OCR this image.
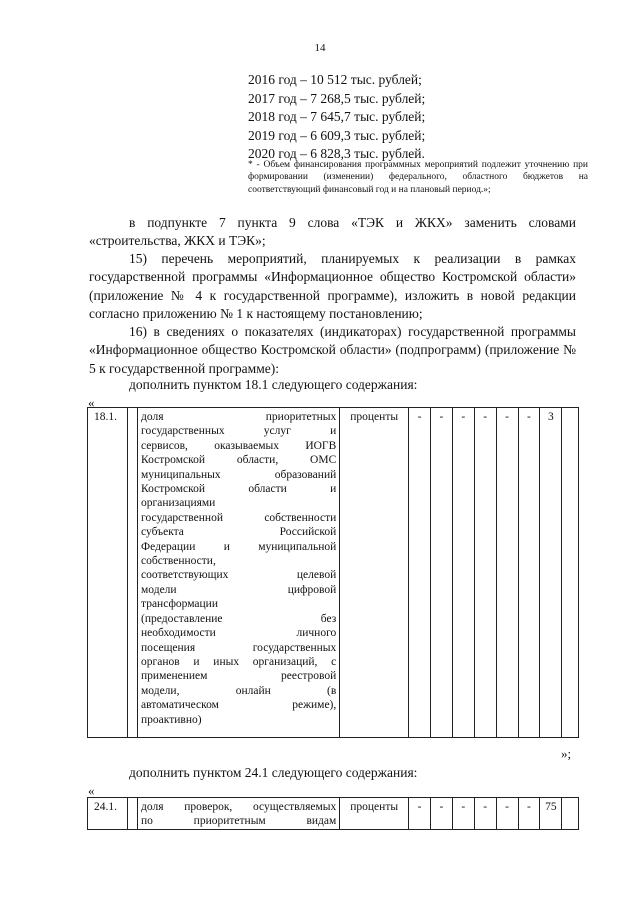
14
2016 год – 10 512 тыс. рублей;
2017 год – 7 268,5 тыс. рублей;
2018 год – 7 645,7 тыс. рублей;
2019 год – 6 609,3 тыс. рублей;
2020 год – 6 828,3 тыс. рублей.
* - Объем финансирования программных мероприятий подлежит уточнению при формировании (изменении) федерального, областного бюджетов на соответствующий финансовый год и на плановый период.»;
в подпункте 7 пункта 9 слова «ТЭК и ЖКХ» заменить словами «строительства, ЖКХ и ТЭК»;
15) перечень мероприятий, планируемых к реализации в рамках государственной программы «Информационное общество Костромской области» (приложение № 4 к государственной программе), изложить в новой редакции согласно приложению № 1 к настоящему постановлению;
16) в сведениях о показателях (индикаторах) государственной программы «Информационное общество Костромской области» (подпрограмм) (приложение № 5 к государственной программе):
дополнить пунктом 18.1 следующего содержания:
«
18.1.		доля приоритетных
государственных услуг и
сервисов, оказываемых ИОГВ
Костромской области, ОМС
муниципальных образований
Костромской области и
организациями
государственной собственности
субъекта Российской
Федерации и муниципальной
собственности,
соответствующих целевой
модели цифровой
трансформации
(предоставление без
необходимости личного
посещения государственных
органов и иных организаций, с
применением реестровой
модели, онлайн (в
автоматическом режиме),
проактивно)
	проценты	-	-	-	-	-	-	3	
»;
дополнить пунктом 24.1 следующего содержания:
«
24.1.		доля проверок, осуществляемых
по приоритетным видам
	проценты	-	-	-	-	-	-	75	
